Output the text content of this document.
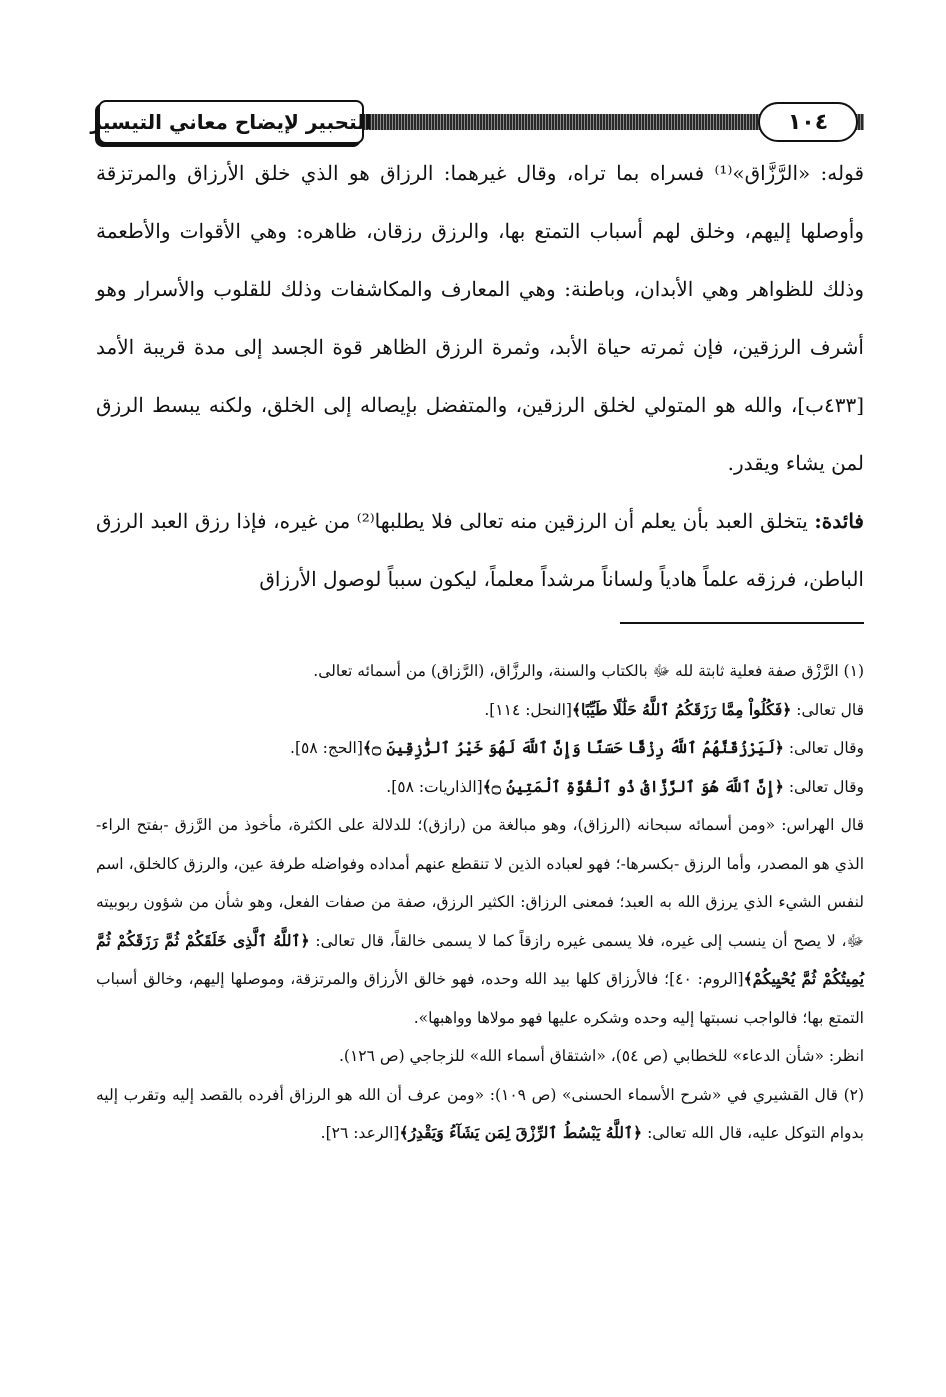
التحبير لإيضاح معاني التيسير	١٠٤

قوله: «الرَّزَّاق»⁽¹⁾ فسراه بما تراه، وقال غيرهما: الرزاق هو الذي خلق الأرزاق والمرتزقة وأوصلها إليهم، وخلق لهم أسباب التمتع بها، والرزق رزقان، ظاهره: وهي الأقوات والأطعمة وذلك للظواهر وهي الأبدان، وباطنة: وهي المعارف والمكاشفات وذلك للقلوب والأسرار وهو أشرف الرزقين، فإن ثمرته حياة الأبد، وثمرة الرزق الظاهر قوة الجسد إلى مدة قريبة الأمد [٤٣٣ب]، والله هو المتولي لخلق الرزقين، والمتفضل بإيصاله إلى الخلق، ولكنه يبسط الرزق لمن يشاء ويقدر.

فائدة: يتخلق العبد بأن يعلم أن الرزقين منه تعالى فلا يطلبها⁽²⁾ من غيره، فإذا رزق العبد الرزق الباطن، فرزقه علماً هادياً ولساناً مرشداً معلماً، ليكون سبباً لوصول الأرزاق

(١) الرَّزْق صفة فعلية ثابتة لله ﷻ بالكتاب والسنة، والرزَّاق، (الرَّزاق) من أسمائه تعالى.

قال تعالى: ﴿فَكُلُواْ مِمَّا رَزَقَكُمُ ٱللَّهُ حَلَٰلًا طَيِّبًا﴾[النحل: ١١٤].

وقال تعالى: ﴿لَيَرْزُقَنَّهُمُ ٱللَّهُ رِزْقًا حَسَنًا وَإِنَّ ٱللَّهَ لَهُوَ خَيْرُ ٱلرَّٰزِقِينَ ۝﴾[الحج: ٥٨].

وقال تعالى: ﴿إِنَّ ٱللَّهَ هُوَ ٱلرَّزَّاقُ ذُو ٱلْقُوَّةِ ٱلْمَتِينُ ۝﴾[الذاريات: ٥٨].

قال الهراس: «ومن أسمائه سبحانه (الرزاق)، وهو مبالغة من (رازق)؛ للدلالة على الكثرة، مأخوذ من الرَّزق -بفتح الراء- الذي هو المصدر، وأما الرزق -بكسرها-؛ فهو لعباده الذين لا تنقطع عنهم أمداده وفواضله طرفة عين، والرزق كالخلق، اسم لنفس الشيء الذي يرزق الله به العبد؛ فمعنى الرزاق: الكثير الرزق، صفة من صفات الفعل، وهو شأن من شؤون ربوبيته ﷻ، لا يصح أن ينسب إلى غيره، فلا يسمى غيره رازقاً كما لا يسمى خالقاً، قال تعالى: ﴿ٱللَّهُ ٱلَّذِى خَلَقَكُمْ ثُمَّ رَزَقَكُمْ ثُمَّ يُمِيتُكُمْ ثُمَّ يُحْيِيكُمْ﴾[الروم: ٤٠]؛ فالأرزاق كلها بيد الله وحده، فهو خالق الأرزاق والمرتزقة، وموصلها إليهم، وخالق أسباب التمتع بها؛ فالواجب نسبتها إليه وحده وشكره عليها فهو مولاها وواهبها».

انظر: «شأن الدعاء» للخطابي (ص ٥٤)، «اشتقاق أسماء الله» للزجاجي (ص ١٢٦).

(٢) قال القشيري في «شرح الأسماء الحسنى» (ص ١٠٩): «ومن عرف أن الله هو الرزاق أفرده بالقصد إليه وتقرب إليه بدوام التوكل عليه، قال الله تعالى: ﴿ٱللَّهُ يَبْسُطُ ٱلرِّزْقَ لِمَن يَشَآءُ وَيَقْدِرُ﴾[الرعد: ٢٦].
